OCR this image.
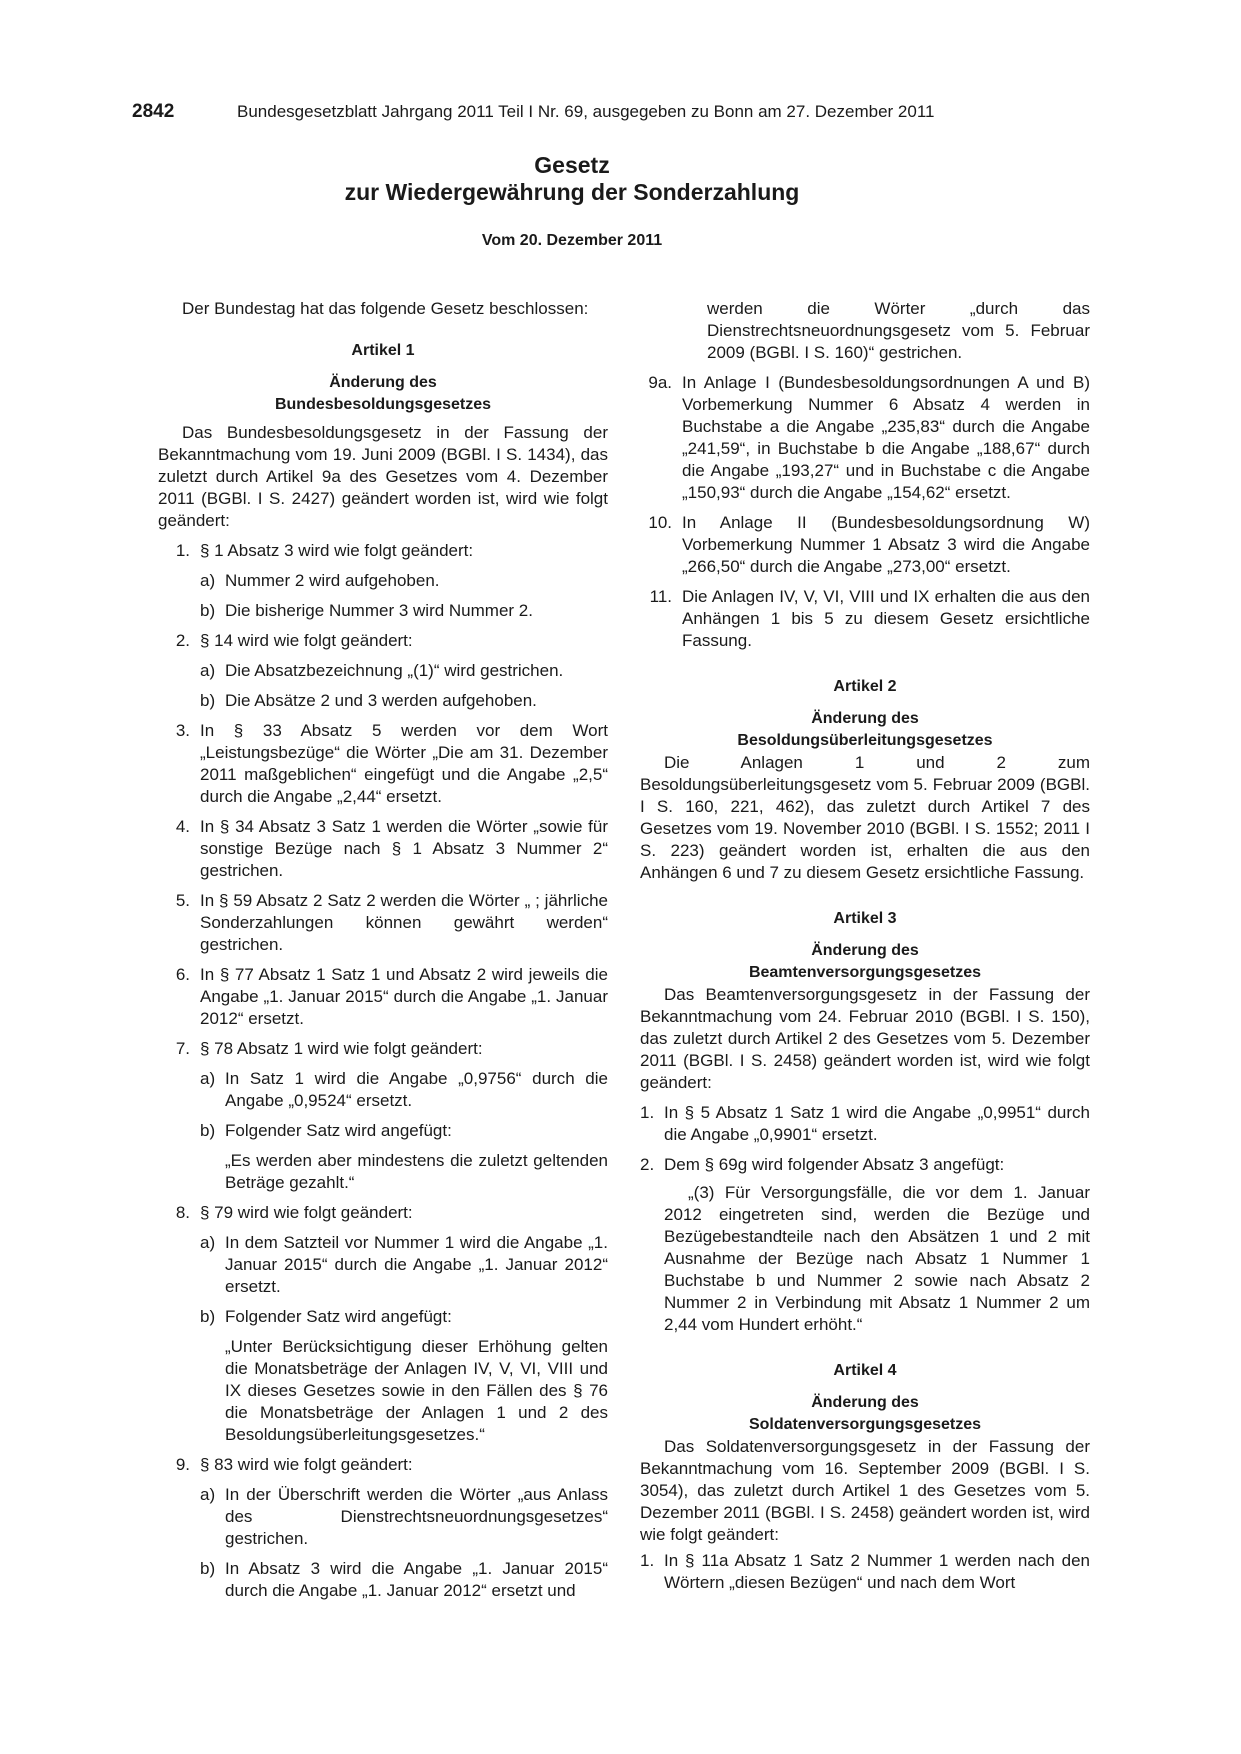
2842	Bundesgesetzblatt Jahrgang 2011 Teil I Nr. 69, ausgegeben zu Bonn am 27. Dezember 2011
Gesetz
zur Wiedergewährung der Sonderzahlung
Vom 20. Dezember 2011

Der Bundestag hat das folgende Gesetz beschlossen:

Artikel 1
Änderung des
Bundesbesoldungsgesetzes

Das Bundesbesoldungsgesetz in der Fassung der Bekanntmachung vom 19. Juni 2009 (BGBl. I S. 1434), das zuletzt durch Artikel 9a des Gesetzes vom 4. Dezember 2011 (BGBl. I S. 2427) geändert worden ist, wird wie folgt geändert:

1. § 1 Absatz 3 wird wie folgt geändert:
a) Nummer 2 wird aufgehoben.
b) Die bisherige Nummer 3 wird Nummer 2.
2. § 14 wird wie folgt geändert:
a) Die Absatzbezeichnung „(1)“ wird gestrichen.
b) Die Absätze 2 und 3 werden aufgehoben.
3. In § 33 Absatz 5 werden vor dem Wort „Leistungsbezüge“ die Wörter „Die am 31. Dezember 2011 maßgeblichen“ eingefügt und die Angabe „2,5“ durch die Angabe „2,44“ ersetzt.
4. In § 34 Absatz 3 Satz 1 werden die Wörter „sowie für sonstige Bezüge nach § 1 Absatz 3 Nummer 2“ gestrichen.
5. In § 59 Absatz 2 Satz 2 werden die Wörter „ ; jährliche Sonderzahlungen können gewährt werden“ gestrichen.
6. In § 77 Absatz 1 Satz 1 und Absatz 2 wird jeweils die Angabe „1. Januar 2015“ durch die Angabe „1. Januar 2012“ ersetzt.
7. § 78 Absatz 1 wird wie folgt geändert:
a) In Satz 1 wird die Angabe „0,9756“ durch die Angabe „0,9524“ ersetzt.
b) Folgender Satz wird angefügt:
„Es werden aber mindestens die zuletzt geltenden Beträge gezahlt.“
8. § 79 wird wie folgt geändert:
a) In dem Satzteil vor Nummer 1 wird die Angabe „1. Januar 2015“ durch die Angabe „1. Januar 2012“ ersetzt.
b) Folgender Satz wird angefügt:
„Unter Berücksichtigung dieser Erhöhung gelten die Monatsbeträge der Anlagen IV, V, VI, VIII und IX dieses Gesetzes sowie in den Fällen des § 76 die Monatsbeträge der Anlagen 1 und 2 des Besoldungsüberleitungsgesetzes.“
9. § 83 wird wie folgt geändert:
a) In der Überschrift werden die Wörter „aus Anlass des Dienstrechtsneuordnungsgesetzes“ gestrichen.
b) In Absatz 3 wird die Angabe „1. Januar 2015“ durch die Angabe „1. Januar 2012“ ersetzt und

werden die Wörter „durch das Dienstrechtsneuordnungsgesetz vom 5. Februar 2009 (BGBl. I S. 160)“ gestrichen.

9a. In Anlage I (Bundesbesoldungsordnungen A und B) Vorbemerkung Nummer 6 Absatz 4 werden in Buchstabe a die Angabe „235,83“ durch die Angabe „241,59“, in Buchstabe b die Angabe „188,67“ durch die Angabe „193,27“ und in Buchstabe c die Angabe „150,93“ durch die Angabe „154,62“ ersetzt.
10. In Anlage II (Bundesbesoldungsordnung W) Vorbemerkung Nummer 1 Absatz 3 wird die Angabe „266,50“ durch die Angabe „273,00“ ersetzt.
11. Die Anlagen IV, V, VI, VIII und IX erhalten die aus den Anhängen 1 bis 5 zu diesem Gesetz ersichtliche Fassung.
Artikel 2
Änderung des
Besoldungsüberleitungsgesetzes

Die Anlagen 1 und 2 zum Besoldungsüberleitungsgesetz vom 5. Februar 2009 (BGBl. I S. 160, 221, 462), das zuletzt durch Artikel 7 des Gesetzes vom 19. November 2010 (BGBl. I S. 1552; 2011 I S. 223) geändert worden ist, erhalten die aus den Anhängen 6 und 7 zu diesem Gesetz ersichtliche Fassung.

Artikel 3
Änderung des
Beamtenversorgungsgesetzes

Das Beamtenversorgungsgesetz in der Fassung der Bekanntmachung vom 24. Februar 2010 (BGBl. I S. 150), das zuletzt durch Artikel 2 des Gesetzes vom 5. Dezember 2011 (BGBl. I S. 2458) geändert worden ist, wird wie folgt geändert:

1. In § 5 Absatz 1 Satz 1 wird die Angabe „0,9951“ durch die Angabe „0,9901“ ersetzt.
2. Dem § 69g wird folgender Absatz 3 angefügt:
„(3) Für Versorgungsfälle, die vor dem 1. Januar 2012 eingetreten sind, werden die Bezüge und Bezügebestandteile nach den Absätzen 1 und 2 mit Ausnahme der Bezüge nach Absatz 1 Nummer 1 Buchstabe b und Nummer 2 sowie nach Absatz 2 Nummer 2 in Verbindung mit Absatz 1 Nummer 2 um 2,44 vom Hundert erhöht.“
Artikel 4
Änderung des
Soldatenversorgungsgesetzes

Das Soldatenversorgungsgesetz in der Fassung der Bekanntmachung vom 16. September 2009 (BGBl. I S. 3054), das zuletzt durch Artikel 1 des Gesetzes vom 5. Dezember 2011 (BGBl. I S. 2458) geändert worden ist, wird wie folgt geändert:

1. In § 11a Absatz 1 Satz 2 Nummer 1 werden nach den Wörtern „diesen Bezügen“ und nach dem Wort
